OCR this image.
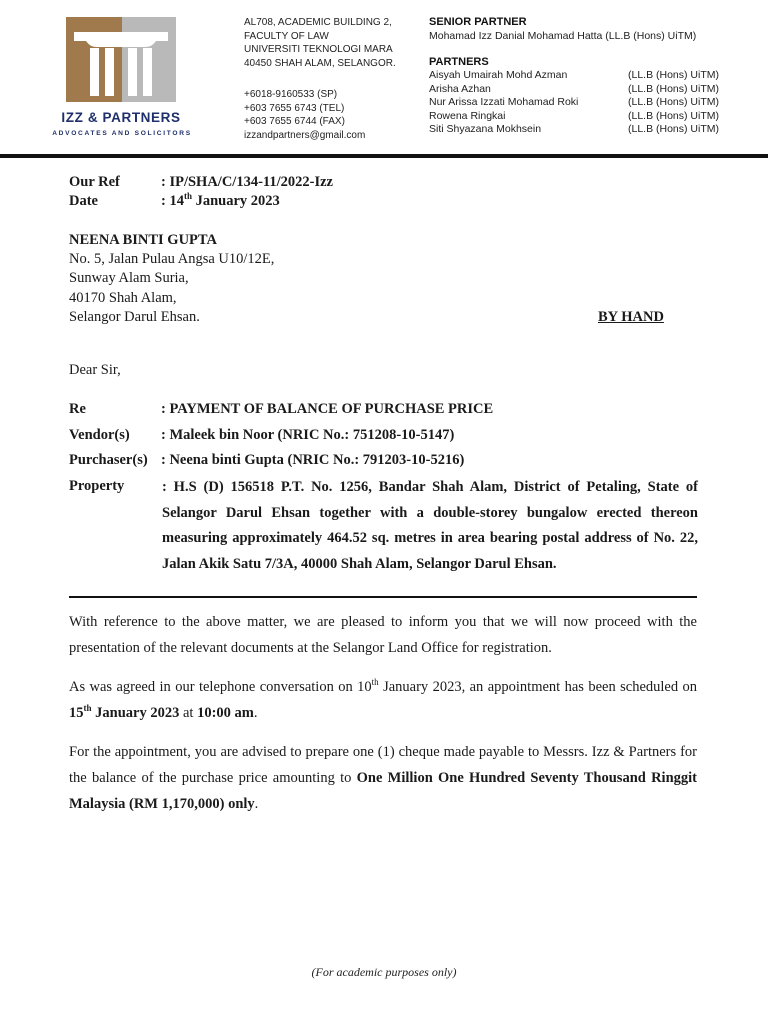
IZZ & PARTNERS
ADVOCATES AND SOLICITORS
AL708, ACADEMIC BUILDING 2,
FACULTY OF LAW
UNIVERSITI TEKNOLOGI MARA
40450 SHAH ALAM, SELANGOR.
+6018-9160533 (SP)
+603 7655 6743 (TEL)
+603 7655 6744 (FAX)
izzandpartners@gmail.com
SENIOR PARTNER
Mohamad Izz Danial Mohamad Hatta (LL.B (Hons) UiTM)
PARTNERS
Aisyah Umairah Mohd Azman	(LL.B (Hons) UiTM)
Arisha Azhan	(LL.B (Hons) UiTM)
Nur Arissa Izzati Mohamad Roki	(LL.B (Hons) UiTM)
Rowena Ringkai	(LL.B (Hons) UiTM)
Siti Shyazana Mokhsein	(LL.B (Hons) UiTM)
Our Ref	: IP/SHA/C/134-11/2022-Izz
Date	: 14th January 2023
NEENA BINTI GUPTA
No. 5, Jalan Pulau Angsa U10/12E,
Sunway Alam Suria,
40170 Shah Alam,
Selangor Darul Ehsan.	BY HAND
Dear Sir,
Re	: PAYMENT OF BALANCE OF PURCHASE PRICE
Vendor(s) : Maleek bin Noor (NRIC No.: 751208-10-5147)
Purchaser(s) : Neena binti Gupta (NRIC No.: 791203-10-5216)
Property	: H.S (D) 156518 P.T. No. 1256, Bandar Shah Alam, District of Petaling, State of Selangor Darul Ehsan together with a double-storey bungalow erected thereon measuring approximately 464.52 sq. metres in area bearing postal address of No. 22, Jalan Akik Satu 7/3A, 40000 Shah Alam, Selangor Darul Ehsan.
With reference to the above matter, we are pleased to inform you that we will now proceed with the presentation of the relevant documents at the Selangor Land Office for registration.
As was agreed in our telephone conversation on 10th January 2023, an appointment has been scheduled on 15th January 2023 at 10:00 am.
For the appointment, you are advised to prepare one (1) cheque made payable to Messrs. Izz & Partners for the balance of the purchase price amounting to One Million One Hundred Seventy Thousand Ringgit Malaysia (RM 1,170,000) only.
(For academic purposes only)
